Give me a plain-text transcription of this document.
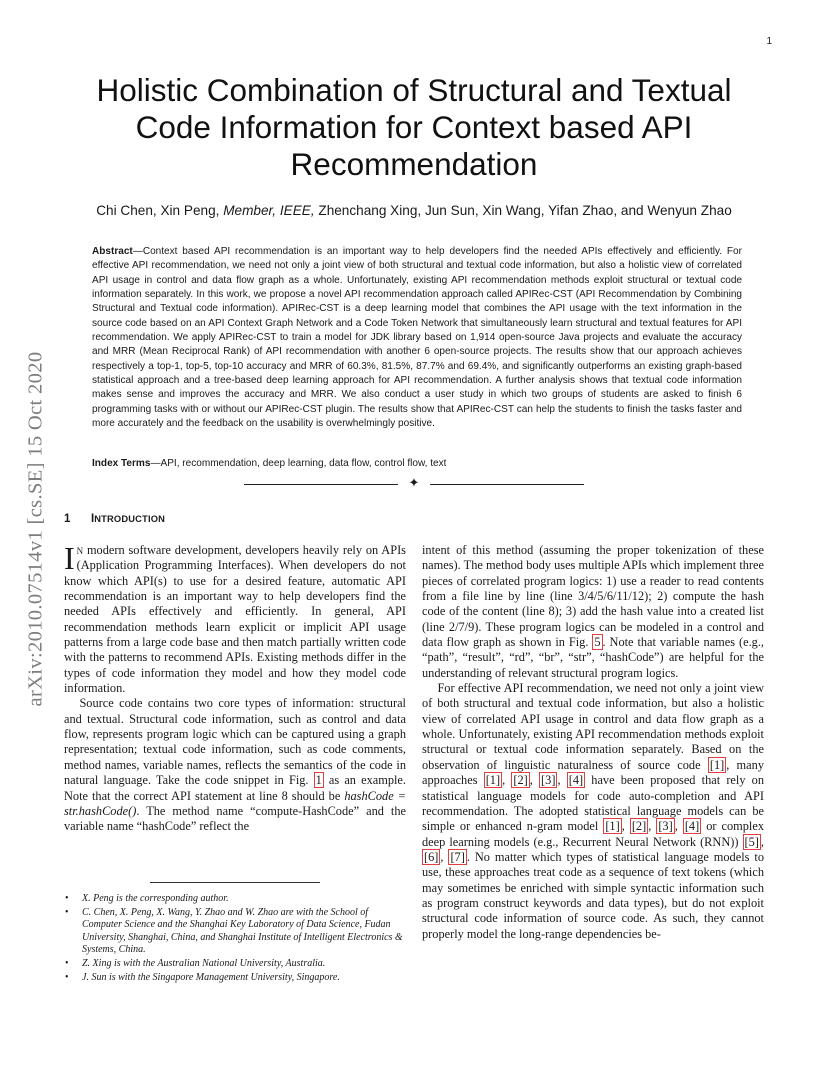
1
arXiv:2010.07514v1 [cs.SE] 15 Oct 2020
Holistic Combination of Structural and Textual Code Information for Context based API Recommendation
Chi Chen, Xin Peng, Member, IEEE, Zhenchang Xing, Jun Sun, Xin Wang, Yifan Zhao, and Wenyun Zhao
Abstract—Context based API recommendation is an important way to help developers find the needed APIs effectively and efficiently. For effective API recommendation, we need not only a joint view of both structural and textual code information, but also a holistic view of correlated API usage in control and data flow graph as a whole. Unfortunately, existing API recommendation methods exploit structural or textual code information separately. In this work, we propose a novel API recommendation approach called APIRec-CST (API Recommendation by Combining Structural and Textual code information). APIRec-CST is a deep learning model that combines the API usage with the text information in the source code based on an API Context Graph Network and a Code Token Network that simultaneously learn structural and textual features for API recommendation. We apply APIRec-CST to train a model for JDK library based on 1,914 open-source Java projects and evaluate the accuracy and MRR (Mean Reciprocal Rank) of API recommendation with another 6 open-source projects. The results show that our approach achieves respectively a top-1, top-5, top-10 accuracy and MRR of 60.3%, 81.5%, 87.7% and 69.4%, and significantly outperforms an existing graph-based statistical approach and a tree-based deep learning approach for API recommendation. A further analysis shows that textual code information makes sense and improves the accuracy and MRR. We also conduct a user study in which two groups of students are asked to finish 6 programming tasks with or without our APIRec-CST plugin. The results show that APIRec-CST can help the students to finish the tasks faster and more accurately and the feedback on the usability is overwhelmingly positive.
Index Terms—API, recommendation, deep learning, data flow, control flow, text
✦
1 INTRODUCTION

In modern software development, developers heavily rely on APIs (Application Programming Interfaces). When developers do not know which API(s) to use for a desired feature, automatic API recommendation is an important way to help developers find the needed APIs effectively and efficiently. In general, API recommendation methods learn explicit or implicit API usage patterns from a large code base and then match partially written code with the patterns to recommend APIs. Existing methods differ in the types of code information they model and how they model code information.

Source code contains two core types of information: structural and textual. Structural code information, such as control and data flow, represents program logic which can be captured using a graph representation; textual code information, such as code comments, method names, variable names, reflects the semantics of the code in natural language. Take the code snippet in Fig. 1 as an example. Note that the correct API statement at line 8 should be hashCode = str.hashCode(). The method name “compute-HashCode” and the variable name “hashCode” reflect the

• X. Peng is the corresponding author.
• C. Chen, X. Peng, X. Wang, Y. Zhao and W. Zhao are with the School of Computer Science and the Shanghai Key Laboratory of Data Science, Fudan University, Shanghai, China, and Shanghai Institute of Intelligent Electronics & Systems, China.
• Z. Xing is with the Australian National University, Australia.
• J. Sun is with the Singapore Management University, Singapore.

intent of this method (assuming the proper tokenization of these names). The method body uses multiple APIs which implement three pieces of correlated program logics: 1) use a reader to read contents from a file line by line (line 3/4/5/6/11/12); 2) compute the hash code of the content (line 8); 3) add the hash value into a created list (line 2/7/9). These program logics can be modeled in a control and data flow graph as shown in Fig. 5 . Note that variable names (e.g., “path”, “result”, “rd”, “br”, “str”, “hashCode”) are helpful for the understanding of relevant structural program logics.

For effective API recommendation, we need not only a joint view of both structural and textual code information, but also a holistic view of correlated API usage in control and data flow graph as a whole. Unfortunately, existing API recommendation methods exploit structural or textual code information separately. Based on the observation of linguistic naturalness of source code [1] , many approaches [1] , [2] , [3] , [4] have been proposed that rely on statistical language models for code auto-completion and API recommendation. The adopted statistical language models can be simple or enhanced n-gram model [1] , [2] , [3] , [4] or complex deep learning models (e.g., Recurrent Neural Network (RNN)) [5] , [6] , [7] . No matter which types of statistical language models to use, these approaches treat code as a sequence of text tokens (which may sometimes be enriched with simple syntactic information such as program construct keywords and data types), but do not exploit structural code information of source code. As such, they cannot properly model the long-range dependencies be-
